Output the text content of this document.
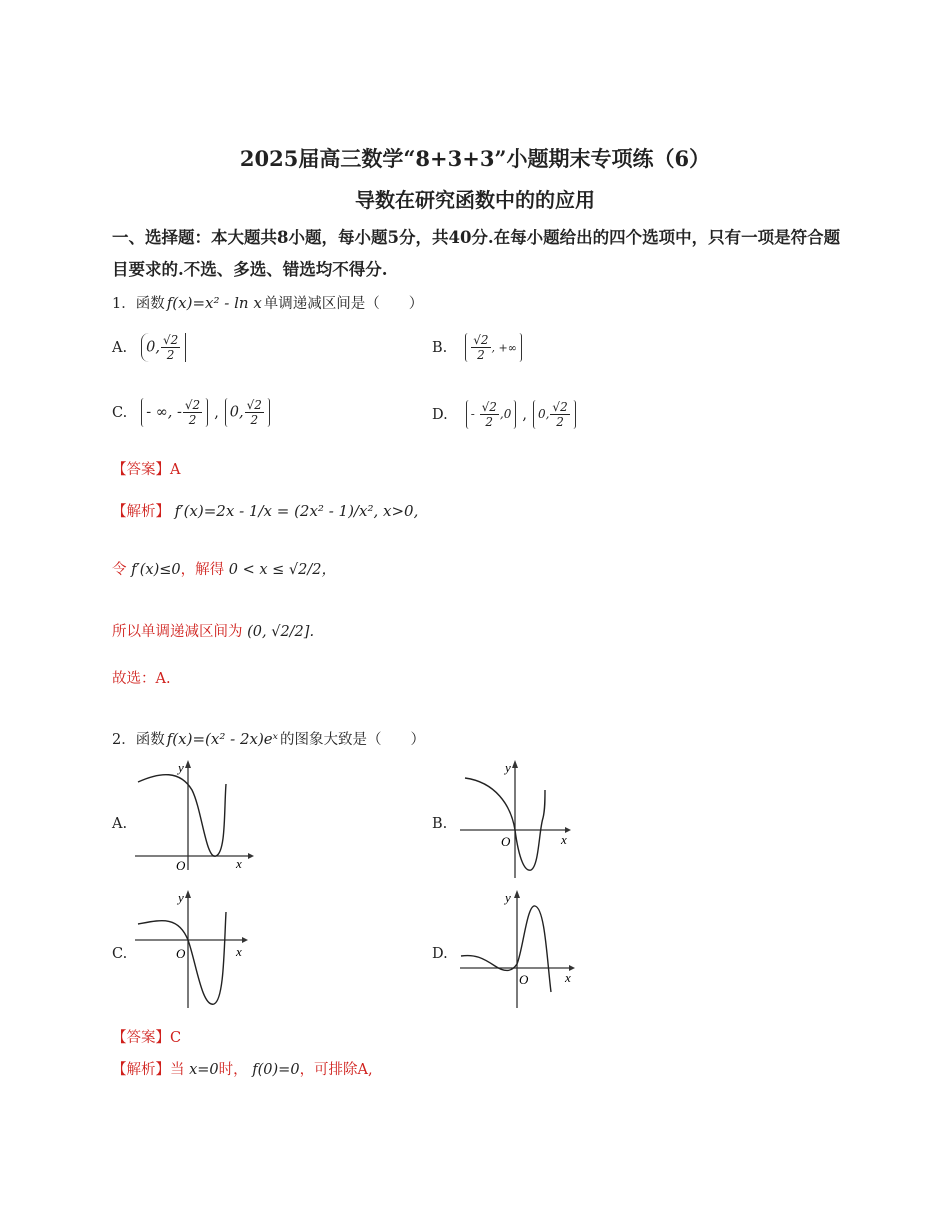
2025届高三数学“8+3+3”小题期末专项练（6）
导数在研究函数中的的应用
一、选择题：本大题共8小题，每小题5分，共40分.在每小题给出的四个选项中，只有一项是符合题目要求的.不选、多选、错选均不得分.
1． 函数 f(x)=x² - ln x 单调递减区间是（　　）
A.	0, $\frac{√2}{2}$	B. $\frac{√2}{2}$ , +∞
C.	- ∞, - $\frac{√2}{2}$ , 0, $\frac{√2}{2}$	D.	- $\frac{√2}{2} ,0$ , 0, $\frac{√2}{2}$
【答案】A
【解析】 f′(x)=2x - 1/x = (2x² - 1)/x², x>0,
令 f′(x)≤0，解得 0 < x ≤ √2/2，
所以单调递减区间为 (0, √2/2].
故选：A.
2． 函数 f(x)=(x² - 2x)eˣ 的图象大致是（　　）
A.
y
x
O
B.
y
x
O
C.
y
x
O	D.
y
x
O
【答案】C
【解析】当 x=0时， f(0)=0，可排除A,
